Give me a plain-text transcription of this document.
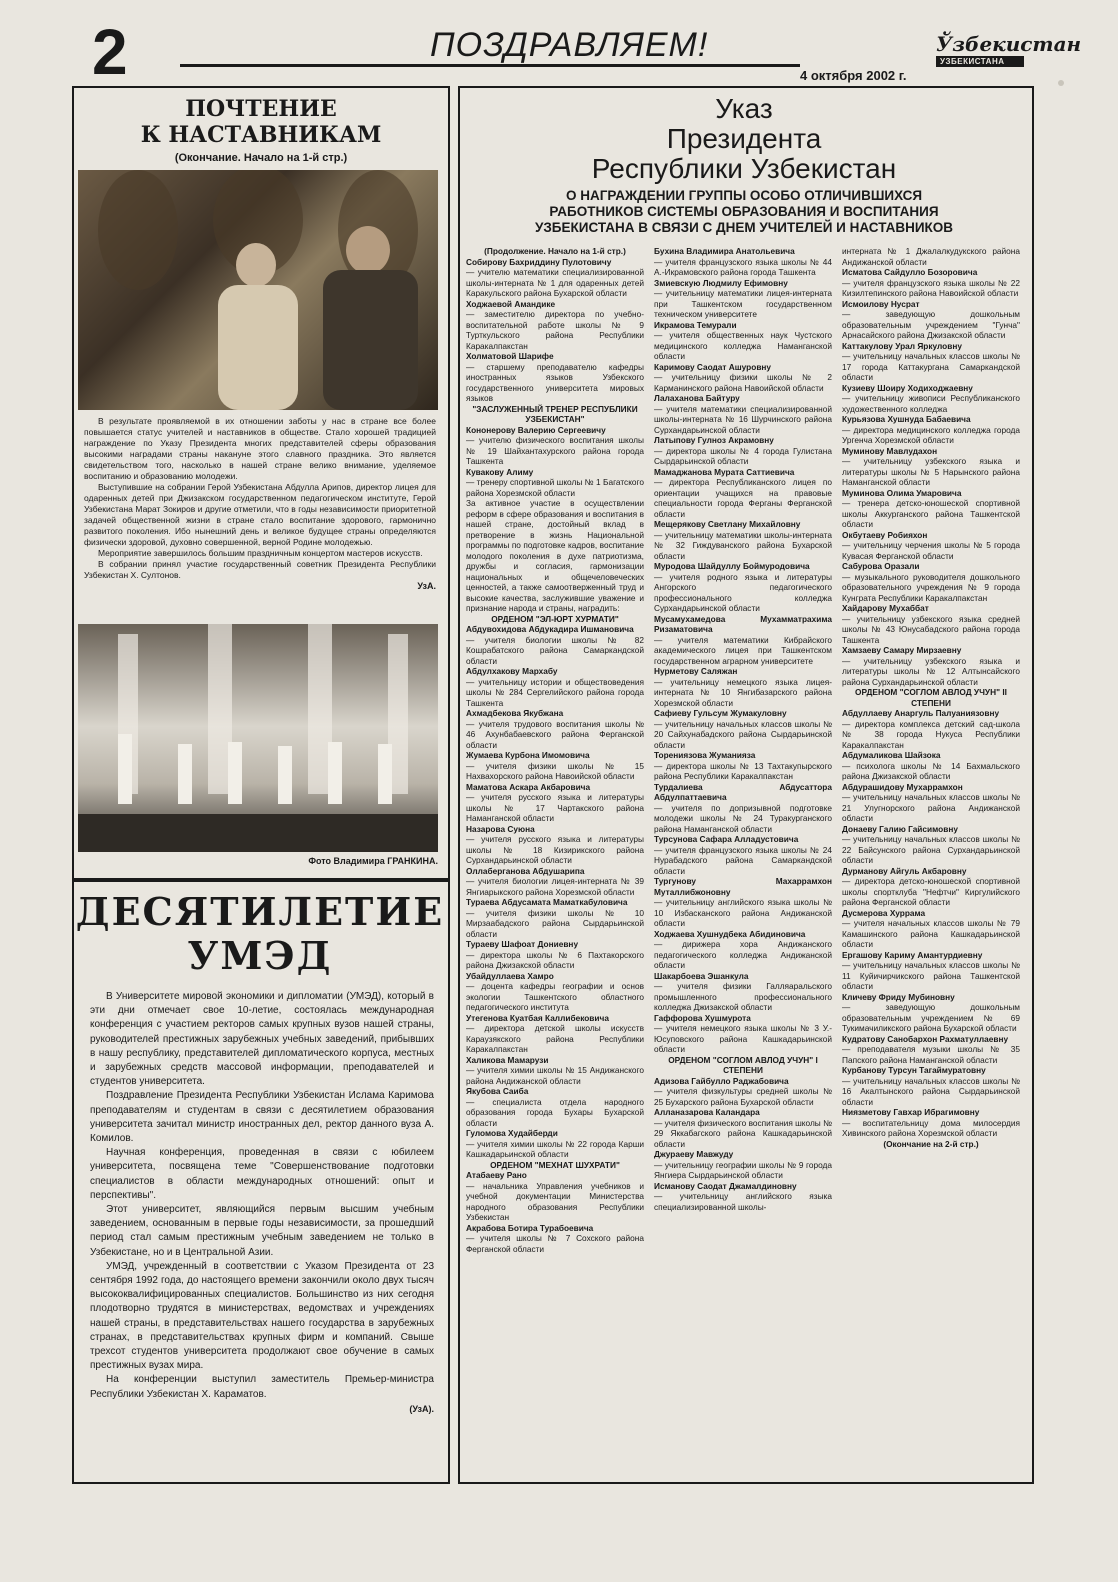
2	ПОЗДРАВЛЯЕМ!
4 октября 2002 г.
Ўзбекистан
УЗБЕКИСТАНА
ПОЧТЕНИЕ
К НАСТАВНИКАМ
(Окончание. Начало на 1-й стр.)

В результате проявляемой в их отношении заботы у нас в стране все более повышается статус учителей и наставников в обществе. Стало хорошей традицией награждение по Указу Президента многих представителей сферы образования высокими наградами страны накануне этого славного праздника. Это является свидетельством того, насколько в нашей стране велико внимание, уделяемое воспитанию и образованию молодежи.

Выступившие на собрании Герой Узбекистана Абдулла Арипов, директор лицея для одаренных детей при Джизакском государственном педагогическом институте, Герой Узбекистана Марат Зокиров и другие отметили, что в годы независимости приоритетной задачей общественной жизни в стране стало воспитание здорового, гармонично развитого поколения. Ибо нынешний день и великое будущее страны определяются физически здоровой, духовно совершенной, верной Родине молодежью.

Мероприятие завершилось большим праздничным концертом мастеров искусств.

В собрании принял участие государственный советник Президента Республики Узбекистан Х. Султонов.

УзА.
Фото Владимира ГРАНКИНА.
ДЕСЯТИЛЕТИЕ
УМЭД

В Университете мировой экономики и дипломатии (УМЭД), который в эти дни отмечает свое 10-летие, состоялась международная конференция с участием ректоров самых крупных вузов нашей страны, руководителей престижных зарубежных учебных заведений, прибывших в нашу республику, представителей дипломатического корпуса, местных и зарубежных средств массовой информации, преподавателей и студентов университета.

Поздравление Президента Республики Узбекистан Ислама Каримова преподавателям и студентам в связи с десятилетием образования университета зачитал министр иностранных дел, ректор данного вуза А. Комилов.

Научная конференция, проведенная в связи с юбилеем университета, посвящена теме "Совершенствование подготовки специалистов в области международных отношений: опыт и перспективы".

Этот университет, являющийся первым высшим учебным заведением, основанным в первые годы независимости, за прошедший период стал самым престижным учебным заведением не только в Узбекистане, но и в Центральной Азии.

УМЭД, учрежденный в соответствии с Указом Президента от 23 сентября 1992 года, до настоящего времени закончили около двух тысяч высококвалифицированных специалистов. Большинство из них сегодня плодотворно трудятся в министерствах, ведомствах и учреждениях нашей страны, в представительствах нашего государства в зарубежных странах, в представительствах крупных фирм и компаний. Свыше трехсот студентов университета продолжают свое обучение в самых престижных вузах мира.

На конференции выступил заместитель Премьер-министра Республики Узбекистан Х. Караматов.

(УзА).
Указ
Президента
Республики Узбекистан
О НАГРАЖДЕНИИ ГРУППЫ ОСОБО ОТЛИЧИВШИХСЯ
РАБОТНИКОВ СИСТЕМЫ ОБРАЗОВАНИЯ И ВОСПИТАНИЯ
УЗБЕКИСТАНА В СВЯЗИ С ДНЕМ УЧИТЕЛЕЙ И НАСТАВНИКОВ

(Продолжение. Начало на 1-й стр.)

Собирову Бахриддину Пулотовичу

— учителю математики специализированной школы-интерната № 1 для одаренных детей Каракульского района Бухарской области

Ходжаевой Амандике

— заместителю директора по учебно-воспитательной работе школы № 9 Турткульского района Республики Каракалпакстан

Холматовой Шарифе

— старшему преподавателю кафедры иностранных языков Узбекского государственного университета мировых языков

"ЗАСЛУЖЕННЫЙ ТРЕНЕР РЕСПУБЛИКИ УЗБЕКИСТАН"

Кононерову Валерию Сергеевичу

— учителю физического воспитания школы № 19 Шайхантахурского района города Ташкента

Кувакову Алиму

— тренеру спортивной школы № 1 Багатского района Хорезмской области

За активное участие в осуществлении реформ в сфере образования и воспитания в нашей стране, достойный вклад в претворение в жизнь Национальной программы по подготовке кадров, воспитание молодого поколения в духе патриотизма, дружбы и согласия, гармонизации национальных и общечеловеческих ценностей, а также самоотверженный труд и высокие качества, заслужившие уважение и признание народа и страны, наградить:

ОРДЕНОМ "ЭЛ-ЮРТ ХУРМАТИ"

Абдувохидова Абдукадира Ишмановича

— учителя биологии школы № 82 Кошрабатского района Самаркандской области

Абдулхакову Мархабу

— учительницу истории и обществоведения школы № 284 Сергелийского района города Ташкента

Ахмадбекова Якубжана

— учителя трудового воспитания школы № 46 Ахунбабаевского района Ферганской области

Жумаева Курбона Имомовича

— учителя физики школы № 15 Нахвахорского района Навоийской области

Маматова Аскара Акбаровича

— учителя русского языка и литературы школы № 17 Чартакского района Наманганской области

Назарова Суюна

— учителя русского языка и литературы школы № 18 Кизирикского района Сурхандарьинской области

Оллаберганова Абдушарипа

— учителя биологии лицея-интерната № 39 Янгиарыкского района Хорезмской области

Тураева Абдусамата Маматкабуловича

— учителя физики школы № 10 Мирзаабадского района Сырдарьинской области

Тураеву Шафоат Дониевну

— директора школы № 6 Пахтакорского района Джизакской области

Убайдуллаева Хамро

— доцента кафедры географии и основ экологии Ташкентского областного педагогического института

Утегенова Куатбая Каллибековича

— директора детской школы искусств Караузякского района Республики Каракалпакстан

Халикова Мамарузи

— учителя химии школы № 15 Андижанского района Андижанской области

Якубова Саиба

— специалиста отдела народного образования города Бухары Бухарской области

Гуломова Худайберди

— учителя химии школы № 22 города Карши Кашкадарьинской области

ОРДЕНОМ "МЕХНАТ ШУХРАТИ"

Атабаеву Рано

— начальника Управления учебников и учебной документации Министерства народного образования Республики Узбекистан

Акрабова Ботира Турабоевича

— учителя школы № 7 Сохского района Ферганской области

Бухина Владимира Анатольевича

— учителя французского языка школы № 44 А.-Икрамовского района города Ташкента

Змиевскую Людмилу Ефимовну

— учительницу математики лицея-интерната при Ташкентском государственном техническом университете

Икрамова Темурали

— учителя общественных наук Чустского медицинского колледжа Наманганской области

Каримову Саодат Ашуровну

— учительницу физики школы № 2 Карманинского района Навоийской области

Лалаханова Байтуру

— учителя математики специализированной школы-интерната № 16 Шурчинского района Сурхандарьинской области

Латыпову Гулноз Акрамовну

— директора школы № 4 города Гулистана Сырдарьинской области

Мамаджанова Мурата Саттиевича

— директора Республиканского лицея по ориентации учащихся на правовые специальности города Ферганы Ферганской области

Мещерякову Светлану Михайловну

— учительницу математики школы-интерната № 32 Гиждуванского района Бухарской области

Муродова Шайдуллу Боймуродовича

— учителя родного языка и литературы Ангорского педагогического профессионального колледжа Сурхандарьинской области

Мусамухамедова Мухамматрахима Ризаматовича

— учителя математики Кибрайского академического лицея при Ташкентском государственном аграрном университете

Нурметову Саляжан

— учительницу немецкого языка лицея-интерната № 10 Янгибазарского района Хорезмской области

Сафиеву Гульсум Жумакуловну

— учительницу начальных классов школы № 20 Сайхунабадского района Сырдарьинской области

Торениязова Жуманияза

— директора школы № 13 Тахтакупырского района Республики Каракалпакстан

Турдалиева Абдусаттора Абдулпаттаевича

— учителя по допризывной подготовке молодежи школы № 24 Туракурганского района Наманганской области

Турсунова Сафара Алладустовича

— учителя французского языка школы № 24 Нурабадского района Самаркандской области

Тургунову Махаррамхон Муталлибжоновну

— учительницу английского языка школы № 10 Избасканского района Андижанской области

Ходжаева Хушнудбека Абидиновича

— дирижера хора Андижанского педагогического колледжа Андижанской области

Шакарбоева Эшанкула

— учителя физики Галляаральского промышленного профессионального колледжа Джизакской области

Гаффорова Хушмурота

— учителя немецкого языка школы № 3 У.-Юсуповского района Кашкадарьинской области

ОРДЕНОМ "СОГЛОМ АВЛОД УЧУН" I СТЕПЕНИ

Адизова Гайбулло Раджабовича

— учителя физкультуры средней школы № 25 Бухарского района Бухарской области

Алланазарова Каландара

— учителя физического воспитания школы № 29 Яккабагского района Кашкадарьинской области

Джураеву Мавжуду

— учительницу географии школы № 9 города Янгиера Сырдарьинской области

Исманову Саодат Джамалдиновну

— учительницу английского языка специализированной школы-

интерната № 1 Джалалкудукского района Андижанской области

Исматова Сайдулло Бозоровича

— учителя французского языка школы № 22 Кизилтепинского района Навоийской области

Исмоилову Нусрат

— заведующую дошкольным образовательным учреждением "Гунча" Арнасайского района Джизакской области

Каттакулову Урал Яркуловну

— учительницу начальных классов школы № 17 города Каттакургана Самаркандской области

Кузиеву Шоиру Ходиходжаевну

— учительницу живописи Республиканского художественного колледжа

Курьязова Хушнуда Бабаевича

— директора медицинского колледжа города Ургенча Хорезмской области

Муминову Мавлудахон

— учительницу узбекского языка и литературы школы № 5 Нарынского района Наманганской области

Муминова Олима Умаровича

— тренера детско-юношеской спортивной школы Аккурганского района Ташкентской области

Окбутаеву Робияхон

— учительницу черчения школы № 5 города Кувасая Ферганской области

Сабурова Оразали

— музыкального руководителя дошкольного образовательного учреждения № 9 города Кунграта Республики Каракалпакстан

Хайдарову Мухаббат

— учительницу узбекского языка средней школы № 43 Юнусабадского района города Ташкента

Хамзаеву Самару Мирзаевну

— учительницу узбекского языка и литературы школы № 12 Алтынсайского района Сурхандарьинской области

ОРДЕНОМ "СОГЛОМ АВЛОД УЧУН" II СТЕПЕНИ

Абдуллаеву Анаргуль Палуаниязовну

— директора комплекса детский сад-школа № 38 города Нукуса Республики Каракалпакстан

Абдумаликова Шайзока

— психолога школы № 14 Бахмальского района Джизакской области

Абдурашидову Мухаррамхон

— учительницу начальных классов школы № 21 Улугнорского района Андижанской области

Донаеву Галию Гайсимовну

— учительницу начальных классов школы № 22 Байсунского района Сурхандарьинской области

Дурманову Айгуль Акбаровну

— директора детско-юношеской спортивной школы спортклуба "Нефтчи" Киргулийского района Ферганской области

Дусмерова Хуррама

— учителя начальных классов школы № 79 Камашинского района Кашкадарьинской области

Ергашову Кариму Амантурдиевну

— учительницу начальных классов школы № 11 Куйичирчикского района Ташкентской области

Кличеву Фриду Мубиновну

— заведующую дошкольным образовательным учреждением № 69 Тукимачиликского района Бухарской области

Кудратову Санобархон Рахматуллаевну

— преподавателя музыки школы № 35 Папского района Наманганской области

Курбанову Турсун Тагаймуратовну

— учительницу начальных классов школы № 16 Акалтынского района Сырдарьинской области

Ниязметову Гавхар Ибрагимовну

— воспитательницу дома милосердия Хивинского района Хорезмской области

(Окончание на 2-й стр.)
